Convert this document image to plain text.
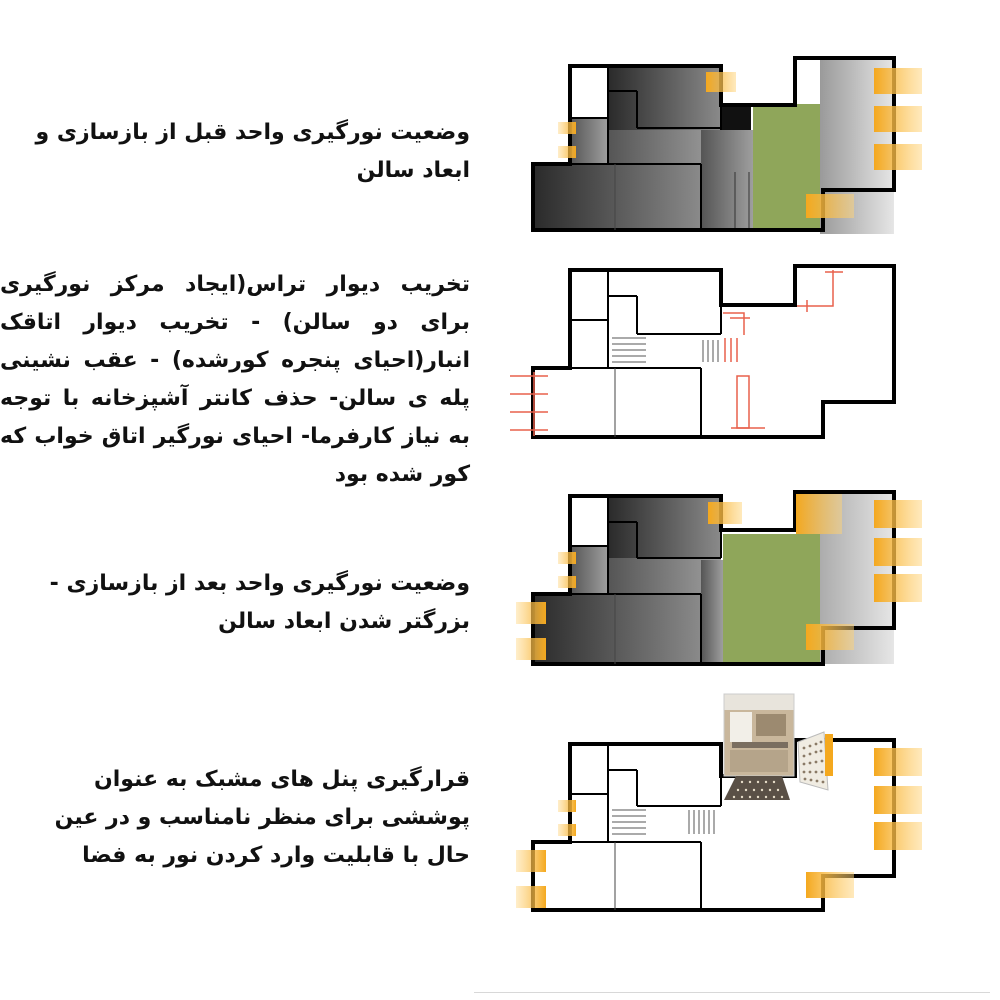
وضعیت نورگیری واحد قبل از بازسازی و ابعاد سالن

تخریب دیوار تراس(ایجاد مرکز نورگیری برای دو سالن) - تخریب دیوار اتاقک انبار(احیای پنجره کورشده) - عقب نشینی پله ی سالن- حذف کانتر آشپزخانه با توجه به نیاز کارفرما- احیای نورگیر اتاق خواب که کور شده بود

وضعیت نورگیری واحد بعد از بازسازی - بزرگتر شدن ابعاد سالن

قرارگیری پنل های مشبک به عنوان پوششی برای منظر نامناسب و در عین حال با قابلیت وارد کردن نور به فضا
